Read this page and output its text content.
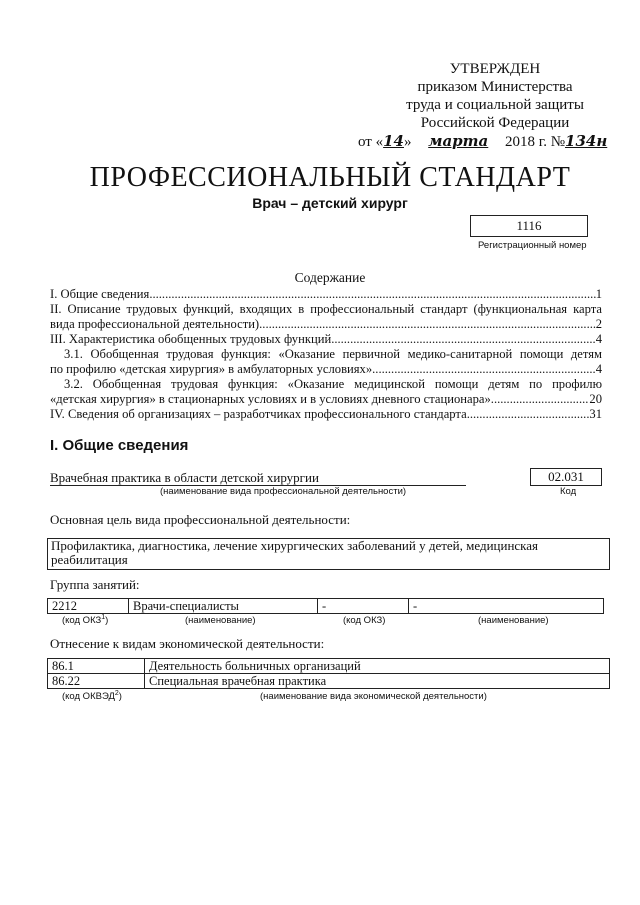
УТВЕРЖДЕН
приказом Министерства
труда и социальной защиты
Российской Федерации
от «14» марта 2018 г. №134н
ПРОФЕССИОНАЛЬНЫЙ СТАНДАРТ
Врач – детский хирург
1116
Регистрационный номер
Содержание
I. Общие сведения .....	1
II. Описание трудовых функций, входящих в профессиональный стандарт (функциональная карта
вида профессиональной деятельности) .....	2
III. Характеристика обобщенных трудовых функций .....	4
3.1. Обобщенная трудовая функция: «Оказание первичной медико-санитарной помощи детям
по профилю «детская хирургия» в амбулаторных условиях» .....	4
3.2. Обобщенная трудовая функция: «Оказание медицинской помощи детям по профилю
«детская хирургия» в стационарных условиях и в условиях дневного стационара» .....	20
IV. Сведения об организациях – разработчиках профессионального стандарта .....	31
I. Общие сведения
Врачебная практика в области детской хирургии
(наименование вида профессиональной деятельности)
02.031
Код
Основная цель вида профессиональной деятельности:
Профилактика, диагностика, лечение хирургических заболеваний у детей, медицинская
реабилитация
Группа занятий:
2212	Врачи-специалисты	-	-
(код ОКЗ$^1$)	(наименование)	(код ОКЗ)	(наименование)
Отнесение к видам экономической деятельности:
86.1	Деятельность больничных организаций
86.22	Специальная врачебная практика
(код ОКВЭД$^2$)	(наименование вида экономической деятельности)
